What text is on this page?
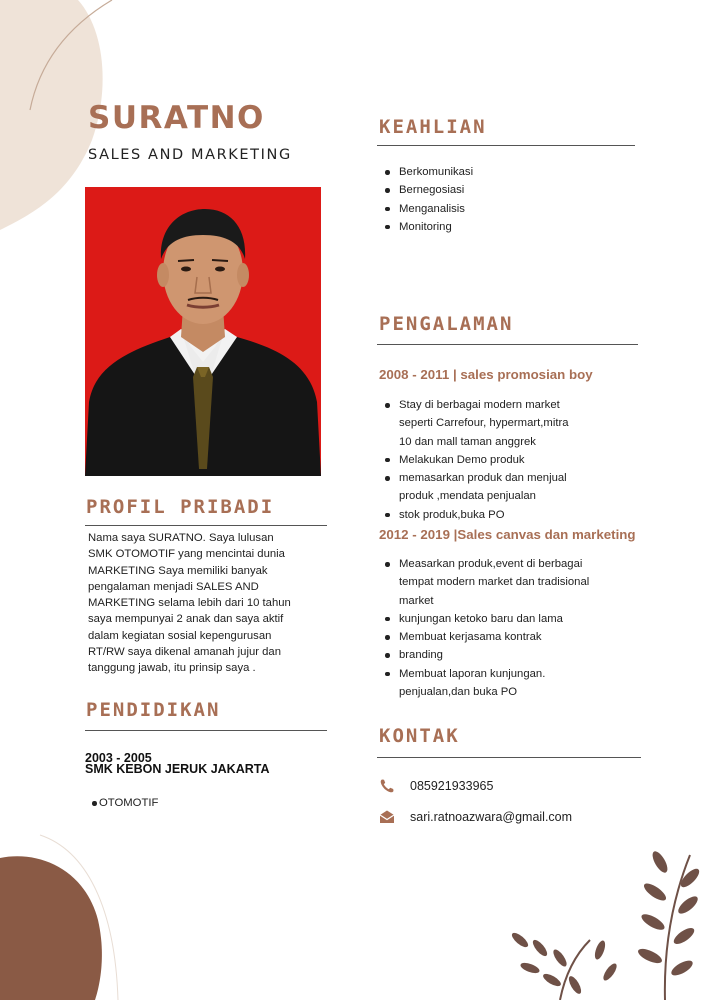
SURATNO
SALES AND MARKETING
PROFIL PRIBADI
Nama saya SURATNO. Saya lulusan
SMK OTOMOTIF yang mencintai dunia
MARKETING Saya memiliki banyak
pengalaman menjadi SALES AND
MARKETING selama lebih dari 10 tahun
saya mempunyai 2 anak dan saya aktif
dalam kegiatan sosial kepengurusan
RT/RW saya dikenal amanah jujur dan
tanggung jawab, itu prinsip saya .
PENDIDIKAN
2003 - 2005
SMK KEBON JERUK JAKARTA
OTOMOTIF
KEAHLIAN
Berkomunikasi
Bernegosiasi
Menganalisis
Monitoring
PENGALAMAN
2008 - 2011 | sales promosian boy
Stay di berbagai modern market
seperti Carrefour, hypermart,mitra
10 dan mall taman anggrek
Melakukan Demo produk
memasarkan produk dan menjual
produk ,mendata penjualan
stok produk,buka PO
2012 - 2019 |Sales canvas dan marketing
Measarkan produk,event di berbagai
tempat modern market dan tradisional
market
kunjungan ketoko baru dan lama
Membuat kerjasama kontrak
branding
Membuat laporan kunjungan.
penjualan,dan buka PO
KONTAK
085921933965
sari.ratnoazwara@gmail.com
